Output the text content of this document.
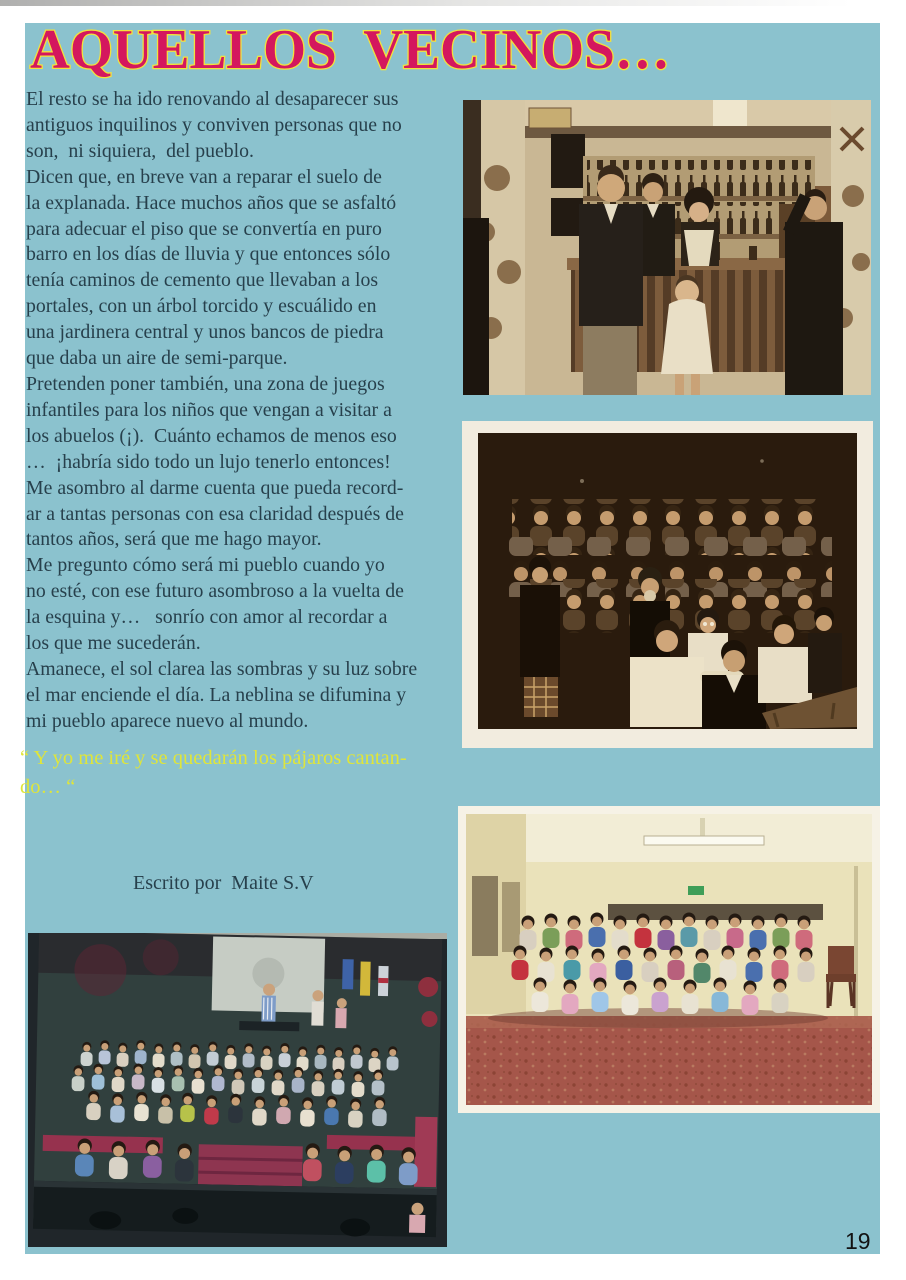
AQUELLOS  VECINOS…
El resto se ha ido renovando al desaparecer sus
antiguos inquilinos y conviven personas que no
son,  ni siquiera,  del pueblo.
Dicen que, en breve van a reparar el suelo de
la explanada. Hace muchos años que se asfaltó
para adecuar el piso que se convertía en puro
barro en los días de lluvia y que entonces sólo
tenía caminos de cemento que llevaban a los
portales, con un árbol torcido y escuálido en
una jardinera central y unos bancos de piedra
que daba un aire de semi-parque.
Pretenden poner también, una zona de juegos
infantiles para los niños que vengan a visitar a
los abuelos (¡).  Cuánto echamos de menos eso
…  ¡habría sido todo un lujo tenerlo entonces!
Me asombro al darme cuenta que pueda record-
ar a tantas personas con esa claridad después de
tantos años, será que me hago mayor.
Me pregunto cómo será mi pueblo cuando yo
no esté, con ese futuro asombroso a la vuelta de
la esquina y…   sonrío con amor al recordar a
los que me sucederán.
Amanece, el sol clarea las sombras y su luz sobre
el mar enciende el día. La neblina se difumina y
mi pueblo aparece nuevo al mundo.
“ Y yo me iré y se quedarán los pájaros cantan-
do… “
Escrito por  Maite S.V
19
